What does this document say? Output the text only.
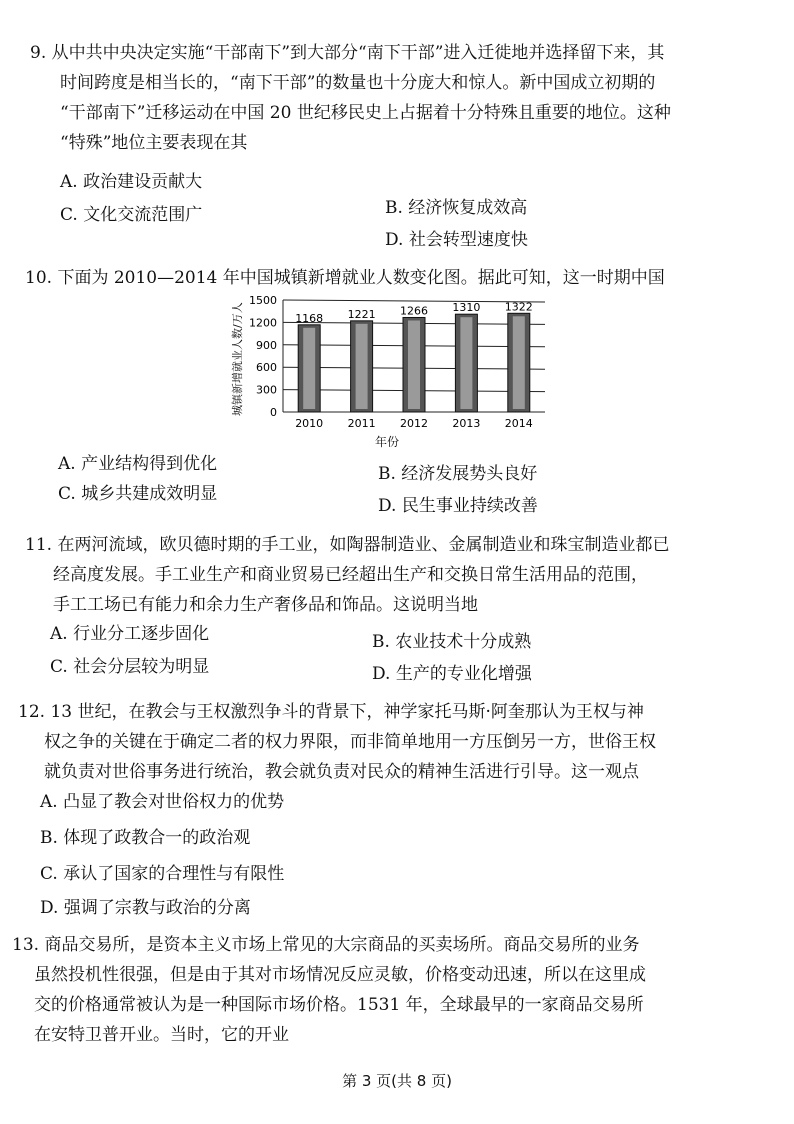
9. 从中共中央决定实施“干部南下”到大部分“南下干部”进入迁徙地并选择留下来，其

时间跨度是相当长的，“南下干部”的数量也十分庞大和惊人。新中国成立初期的

“干部南下”迁移运动在中国 20 世纪移民史上占据着十分特殊且重要的地位。这种

“特殊”地位主要表现在其

A. 政治建设贡献大
B. 经济恢复成效高
C. 文化交流范围广
D. 社会转型速度快

10. 下面为 2010—2014 年中国城镇新增就业人数变化图。据此可知，这一时期中国

城镇新增就业人数/万人
年份
1500
1200
900
600
300
0
1168
2010
1221
2011
1266
2012
1310
2013
1322
2014
A. 产业结构得到优化	B. 经济发展势头良好
C. 城乡共建成效明显
D. 民生事业持续改善

11. 在两河流域，欧贝德时期的手工业，如陶器制造业、金属制造业和珠宝制造业都已

经高度发展。手工业生产和商业贸易已经超出生产和交换日常生活用品的范围，

手工工场已有能力和余力生产奢侈品和饰品。这说明当地

A. 行业分工逐步固化	B. 农业技术十分成熟
C. 社会分层较为明显	D. 生产的专业化增强

12. 13 世纪，在教会与王权激烈争斗的背景下，神学家托马斯·阿奎那认为王权与神

权之争的关键在于确定二者的权力界限，而非简单地用一方压倒另一方，世俗王权

就负责对世俗事务进行统治，教会就负责对民众的精神生活进行引导。这一观点

A. 凸显了教会对世俗权力的优势
B. 体现了政教合一的政治观
C. 承认了国家的合理性与有限性
D. 强调了宗教与政治的分离

13. 商品交易所，是资本主义市场上常见的大宗商品的买卖场所。商品交易所的业务

虽然投机性很强，但是由于其对市场情况反应灵敏，价格变动迅速，所以在这里成

交的价格通常被认为是一种国际市场价格。1531 年，全球最早的一家商品交易所

在安特卫普开业。当时，它的开业

第 3 页(共 8 页)
